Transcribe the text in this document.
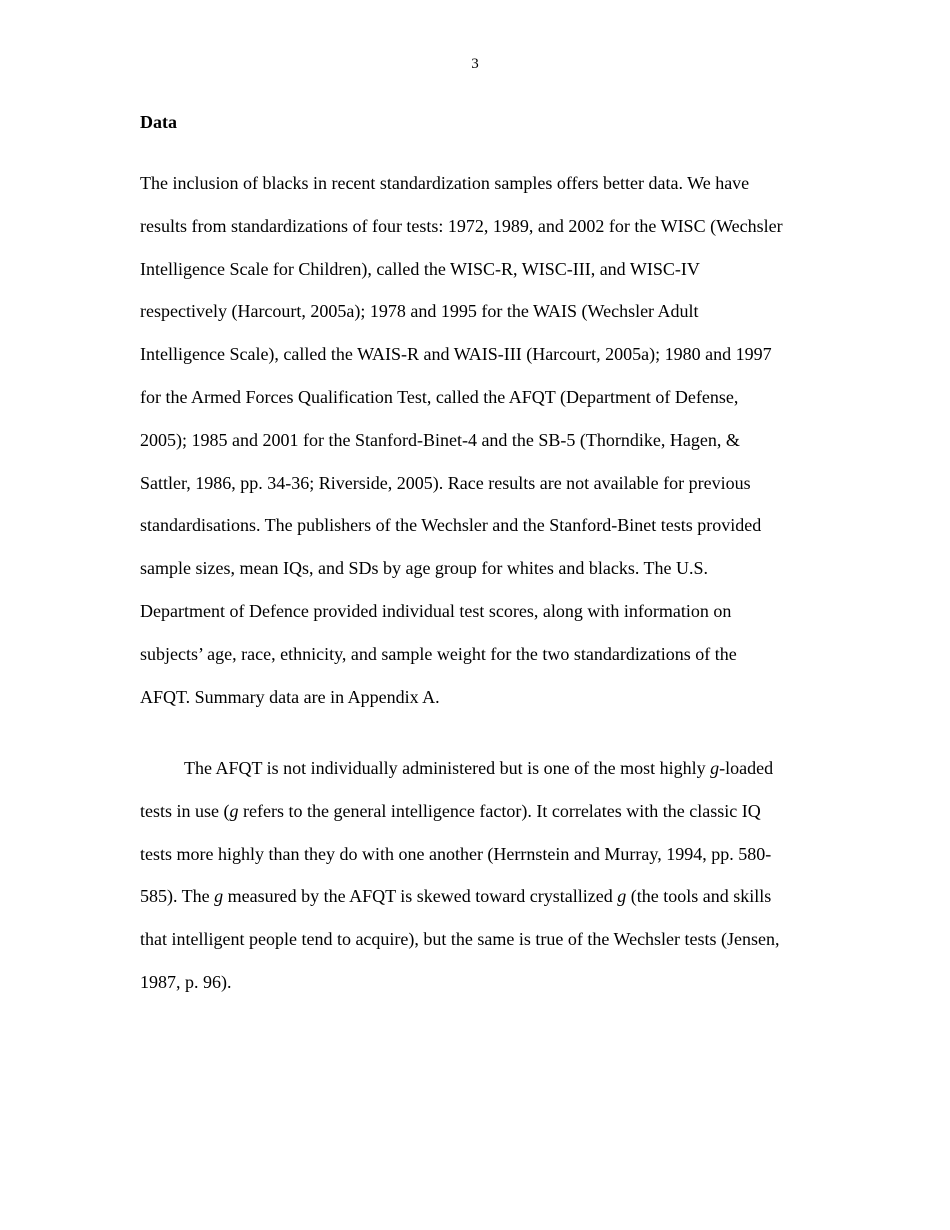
3
Data
The inclusion of blacks in recent standardization samples offers better data. We have
results from standardizations of four tests: 1972, 1989, and 2002 for the WISC (Wechsler
Intelligence Scale for Children), called the WISC-R, WISC-III, and WISC-IV
respectively (Harcourt, 2005a); 1978 and 1995 for the WAIS (Wechsler Adult
Intelligence Scale), called the WAIS-R and WAIS-III (Harcourt, 2005a); 1980 and 1997
for the Armed Forces Qualification Test, called the AFQT (Department of Defense,
2005); 1985 and 2001 for the Stanford-Binet-4 and the SB-5 (Thorndike, Hagen, &
Sattler, 1986, pp. 34-36; Riverside, 2005). Race results are not available for previous
standardisations. The publishers of the Wechsler and the Stanford-Binet tests provided
sample sizes, mean IQs, and SDs by age group for whites and blacks. The U.S.
Department of Defence provided individual test scores, along with information on
subjects’ age, race, ethnicity, and sample weight for the two standardizations of the
AFQT. Summary data are in Appendix A.
The AFQT is not individually administered but is one of the most highly g-loaded
tests in use (g refers to the general intelligence factor). It correlates with the classic IQ
tests more highly than they do with one another (Herrnstein and Murray, 1994, pp. 580-
585). The g measured by the AFQT is skewed toward crystallized g (the tools and skills
that intelligent people tend to acquire), but the same is true of the Wechsler tests (Jensen,
1987, p. 96).
